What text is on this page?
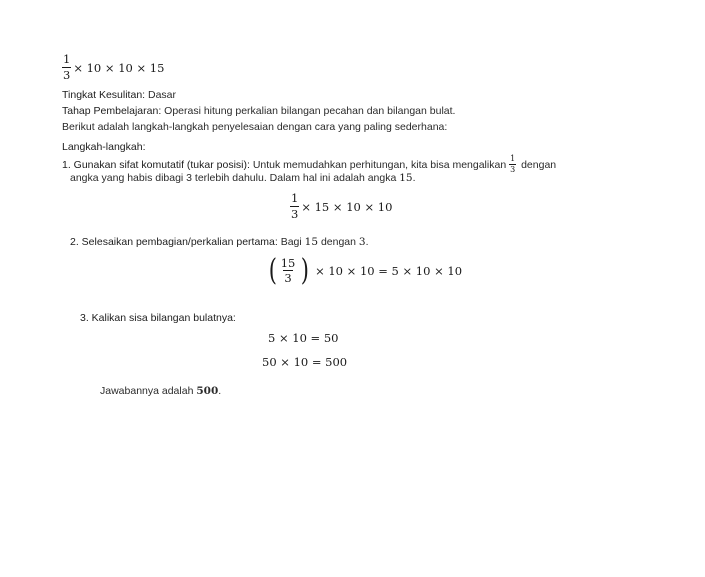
$\frac{1}{3} \times 10 \times 10 \times 15$
Tingkat Kesulitan: Dasar
Tahap Pembelajaran: Operasi hitung perkalian bilangan pecahan dan bilangan bulat.
Berikut adalah langkah-langkah penyelesaian dengan cara yang paling sederhana:
Langkah-langkah:
1. Gunakan sifat komutatif (tukar posisi): Untuk memudahkan perhitungan, kita bisa mengalikan $\frac{1}{3}$ dengan
angka yang habis dibagi 3 terlebih dahulu. Dalam hal ini adalah angka 15.
$\frac{1}{3} \times 15 \times 10 \times 10$
2. Selesaikan pembagian/perkalian pertama: Bagi 15 dengan 3.
( $\frac{15}{3}$ ) × 10 × 10 = 5 × 10 × 10
3. Kalikan sisa bilangan bulatnya:
5 × 10 = 50
50 × 10 = 500
Jawabannya adalah 500.
